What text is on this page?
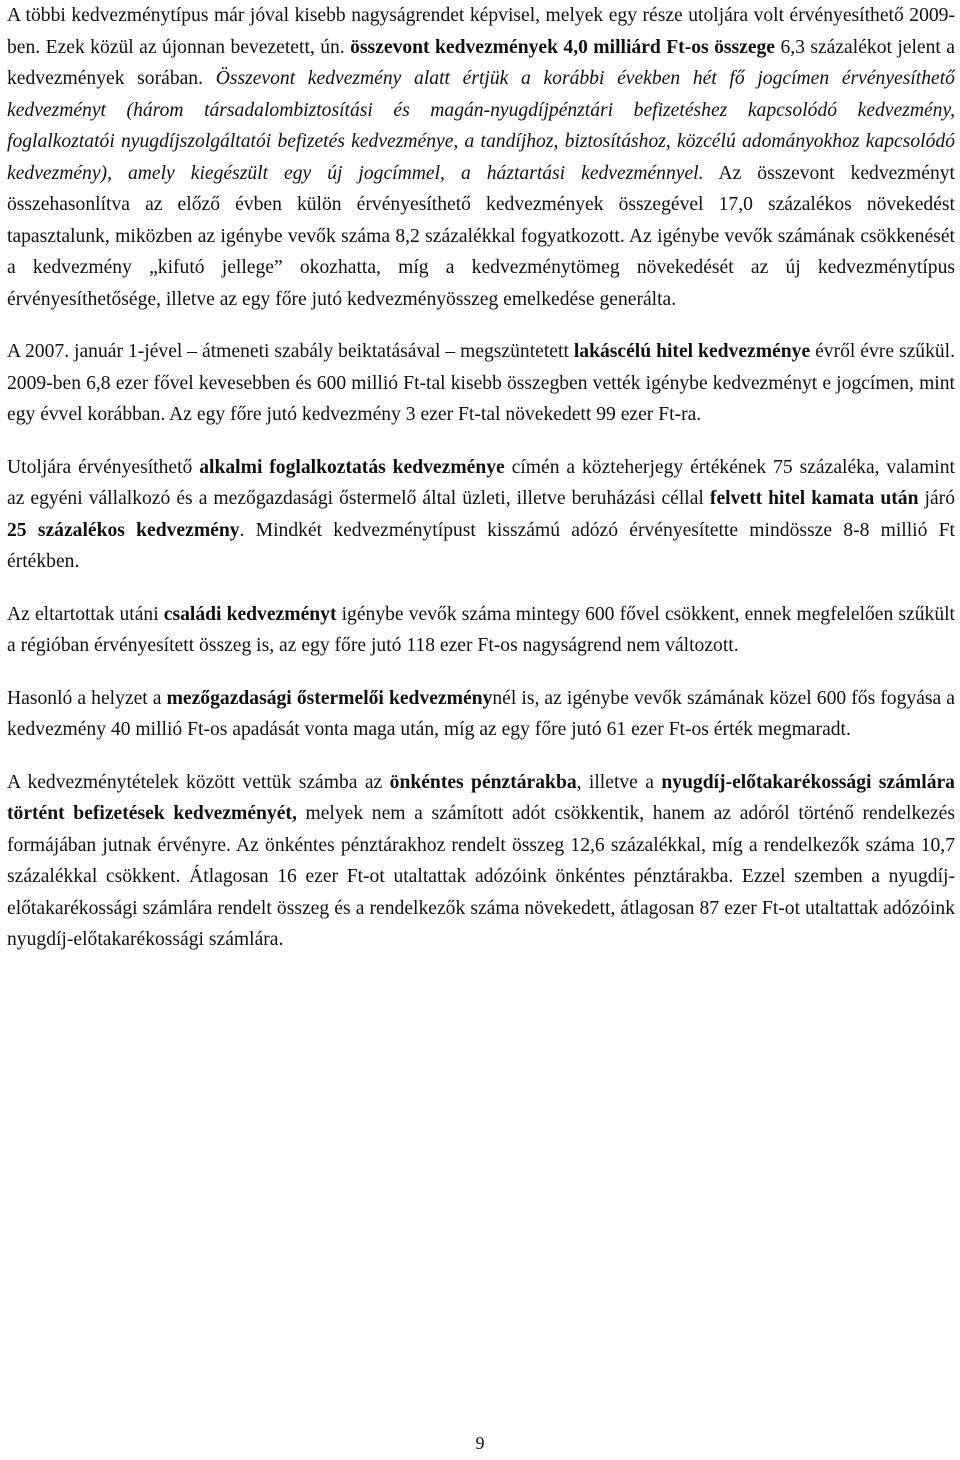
A többi kedvezménytípus már jóval kisebb nagyságrendet képvisel, melyek egy része utoljára volt érvényesíthető 2009-ben. Ezek közül az újonnan bevezetett, ún. összevont kedvezmények 4,0 milliárd Ft-os összege 6,3 százalékot jelent a kedvezmények sorában. Összevont kedvezmény alatt értjük a korábbi években hét fő jogcímen érvényesíthető kedvezményt (három társadalombiztosítási és magán-nyugdíjpénztári befizetéshez kapcsolódó kedvezmény, foglalkoztatói nyugdíjszolgáltatói befizetés kedvezménye, a tandíjhoz, biztosításhoz, közcélú adományokhoz kapcsolódó kedvezmény), amely kiegészült egy új jogcímmel, a háztartási kedvezménnyel. Az összevont kedvezményt összehasonlítva az előző évben külön érvényesíthető kedvezmények összegével 17,0 százalékos növekedést tapasztalunk, miközben az igénybe vevők száma 8,2 százalékkal fogyatkozott. Az igénybe vevők számának csökkenését a kedvezmény „kifutó jellege” okozhatta, míg a kedvezménytömeg növekedését az új kedvezménytípus érvényesíthetősége, illetve az egy főre jutó kedvezményösszeg emelkedése generálta.

A 2007. január 1-jével – átmeneti szabály beiktatásával – megszüntetett lakáscélú hitel kedvezménye évről évre szűkül. 2009-ben 6,8 ezer fővel kevesebben és 600 millió Ft-tal kisebb összegben vették igénybe kedvezményt e jogcímen, mint egy évvel korábban. Az egy főre jutó kedvezmény 3 ezer Ft-tal növekedett 99 ezer Ft-ra.

Utoljára érvényesíthető alkalmi foglalkoztatás kedvezménye címén a közteherjegy értékének 75 százaléka, valamint az egyéni vállalkozó és a mezőgazdasági őstermelő által üzleti, illetve beruházási céllal felvett hitel kamata után járó 25 százalékos kedvezmény. Mindkét kedvezménytípust kisszámú adózó érvényesítette mindössze 8-8 millió Ft értékben.

Az eltartottak utáni családi kedvezményt igénybe vevők száma mintegy 600 fővel csökkent, ennek megfelelően szűkült a régióban érvényesített összeg is, az egy főre jutó 118 ezer Ft-os nagyságrend nem változott.

Hasonló a helyzet a mezőgazdasági őstermelői kedvezménynél is, az igénybe vevők számának közel 600 fős fogyása a kedvezmény 40 millió Ft-os apadását vonta maga után, míg az egy főre jutó 61 ezer Ft-os érték megmaradt.

A kedvezménytételek között vettük számba az önkéntes pénztárakba, illetve a nyugdíj-előtakarékossági számlára történt befizetések kedvezményét, melyek nem a számított adót csökkentik, hanem az adóról történő rendelkezés formájában jutnak érvényre. Az önkéntes pénztárakhoz rendelt összeg 12,6 százalékkal, míg a rendelkezők száma 10,7 százalékkal csökkent. Átlagosan 16 ezer Ft-ot utaltattak adózóink önkéntes pénztárakba. Ezzel szemben a nyugdíj-előtakarékossági számlára rendelt összeg és a rendelkezők száma növekedett, átlagosan 87 ezer Ft-ot utaltattak adózóink nyugdíj-előtakarékossági számlára.

9
